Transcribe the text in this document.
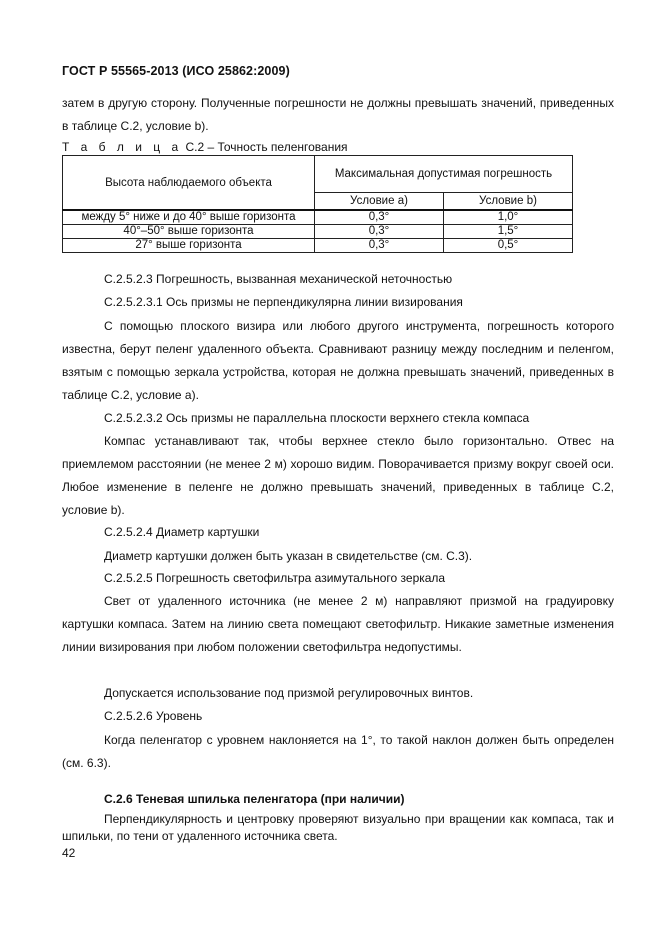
ГОСТ Р 55565-2013 (ИСО 25862:2009)

затем в другую сторону. Полученные погрешности не должны превышать значений, приведенных в таблице С.2, условие b).

Т а б л и ц а С.2 – Точность пеленгования
Высота наблюдаемого объекта	Максимальная допустимая погрешность	
	Условие а)	Условие b)
между 5° ниже и до 40° выше горизонта	0,3°	1,0°
40°–50° выше горизонта	0,3°	1,5°
27° выше горизонта	0,3°	0,5°

С.2.5.2.3 Погрешность, вызванная механической неточностью

С.2.5.2.3.1 Ось призмы не перпендикулярна линии визирования

С помощью плоского визира или любого другого инструмента, погрешность которого известна, берут пеленг удаленного объекта. Сравнивают разницу между последним и пеленгом, взятым с помощью зеркала устройства, которая не должна превышать значений, приведенных в таблице С.2, условие а).

С.2.5.2.3.2 Ось призмы не параллельна плоскости верхнего стекла компаса

Компас устанавливают так, чтобы верхнее стекло было горизонтально. Отвес на приемлемом расстоянии (не менее 2 м) хорошо видим. Поворачивается призму вокруг своей оси. Любое изменение в пеленге не должно превышать значений, приведенных в таблице С.2, условие b).

С.2.5.2.4 Диаметр картушки

Диаметр картушки должен быть указан в свидетельстве (см. С.3).

С.2.5.2.5 Погрешность светофильтра азимутального зеркала

Свет от удаленного источника (не менее 2 м) направляют призмой на градуировку картушки компаса. Затем на линию света помещают светофильтр. Никакие заметные изменения линии визирования при любом положении светофильтра недопустимы.

Допускается использование под призмой регулировочных винтов.

С.2.5.2.6 Уровень

Когда пеленгатор с уровнем наклоняется на 1°, то такой наклон должен быть определен (см. 6.3).

С.2.6 Теневая шпилька пеленгатора (при наличии)

Перпендикулярность и центровку проверяют визуально при вращении как компаса, так и шпильки, по тени от удаленного источника света.

42
